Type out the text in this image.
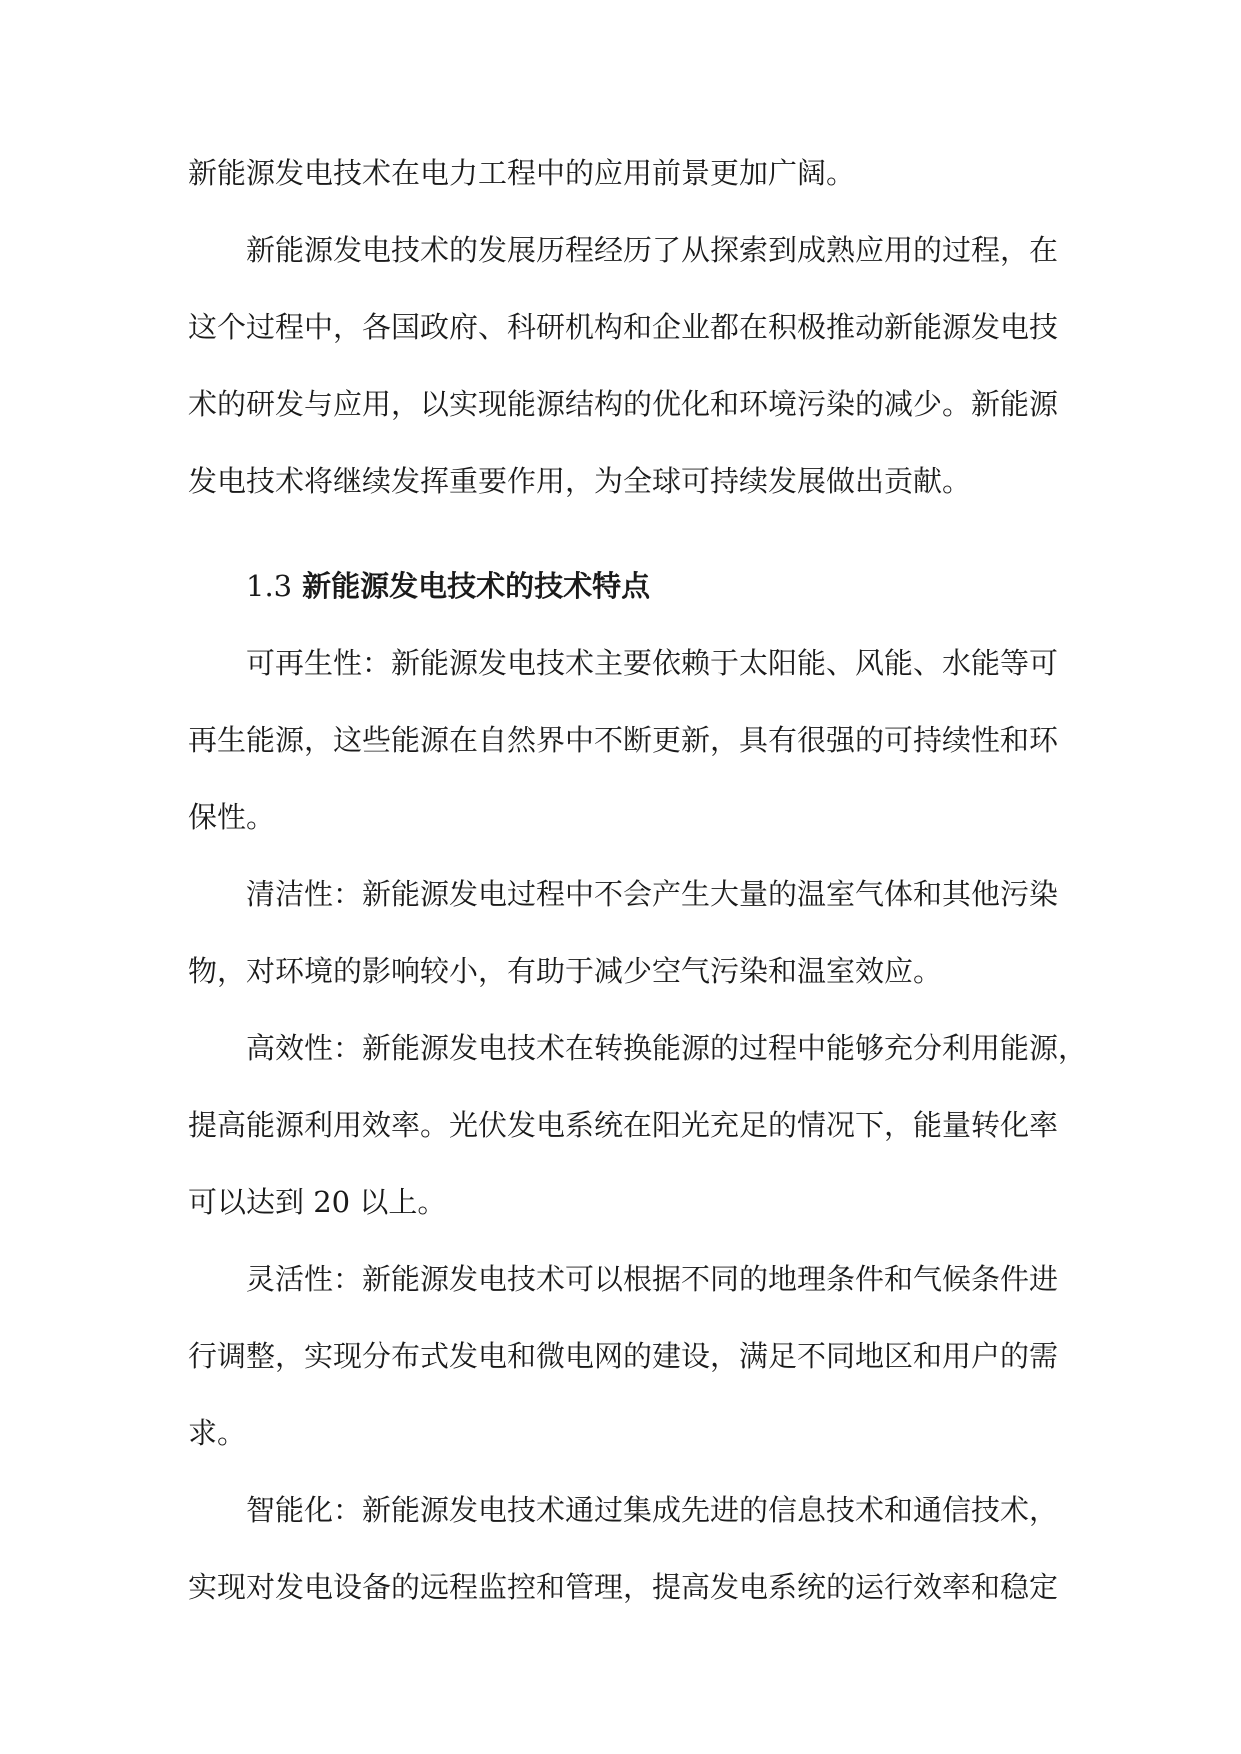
新能源发电技术在电力工程中的应用前景更加广阔。

新能源发电技术的发展历程经历了从探索到成熟应用的过程，在
这个过程中，各国政府、科研机构和企业都在积极推动新能源发电技
术的研发与应用，以实现能源结构的优化和环境污染的减少。新能源
发电技术将继续发挥重要作用，为全球可持续发展做出贡献。

1.3 新能源发电技术的技术特点

可再生性：新能源发电技术主要依赖于太阳能、风能、水能等可
再生能源，这些能源在自然界中不断更新，具有很强的可持续性和环
保性。

清洁性：新能源发电过程中不会产生大量的温室气体和其他污染
物，对环境的影响较小，有助于减少空气污染和温室效应。

高效性：新能源发电技术在转换能源的过程中能够充分利用能源，
提高能源利用效率。光伏发电系统在阳光充足的情况下，能量转化率
可以达到 20 以上。

灵活性：新能源发电技术可以根据不同的地理条件和气候条件进
行调整，实现分布式发电和微电网的建设，满足不同地区和用户的需
求。

智能化：新能源发电技术通过集成先进的信息技术和通信技术，
实现对发电设备的远程监控和管理，提高发电系统的运行效率和稳定
